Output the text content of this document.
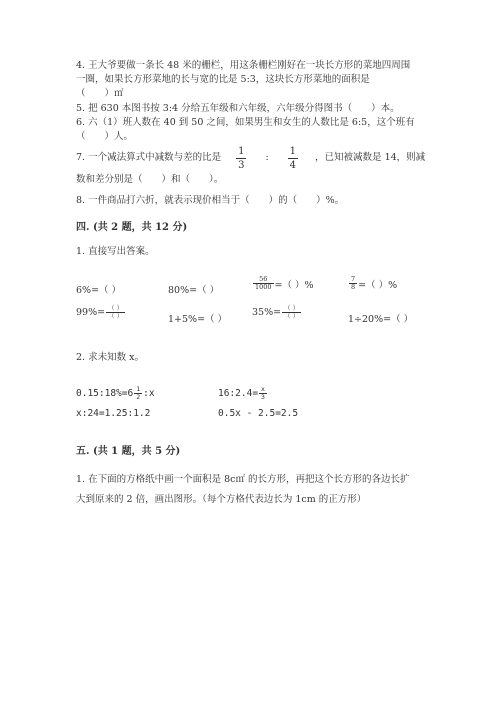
4. 王大爷要做一条长 48 米的栅栏，用这条栅栏刚好在一块长方形的菜地四周围
一圈，如果长方形菜地的长与宽的比是 5:3，这块长方形菜地的面积是
（　　）㎡
5. 把 630 本图书按 3:4 分给五年级和六年级，六年级分得图书（　　）本。
6. 六（1）班人数在 40 到 50 之间，如果男生和女生的人数比是 6:5，这个班有
（　　）人。
7. 一个减法算式中减数与差的比是 $\frac{1}{3}$ : $\frac{1}{4}$ ，已知被减数是 14，则减
数和差分别是（　　）和（　　）。
8. 一件商品打六折，就表示现价相当于（　　）的（　　）%。
四. (共 2 题，共 12 分)
1. 直接写出答案。
6%=（ ）	80%=（ ）	$\frac{56}{1000}$ =（ ）%	$\frac{7}{8}$ =（ ）%
$99\%= \frac{( )}{( )}$	1+5%=（ ）
$35\%= \frac{( )}{( )}$	1÷20%=（ ）
2. 求未知数 x。
0.15:18%=6 $\frac{1}{2}$ :x	16:2.4= $\frac{x}{3}$
x:24=1.25:1.2	0.5x - 2.5=2.5
五. (共 1 题，共 5 分)
1. 在下面的方格纸中画一个面积是 8c㎡ 的长方形，再把这个长方形的各边长扩
大到原来的 2 倍，画出图形。（每个方格代表边长为 1cm 的正方形）
